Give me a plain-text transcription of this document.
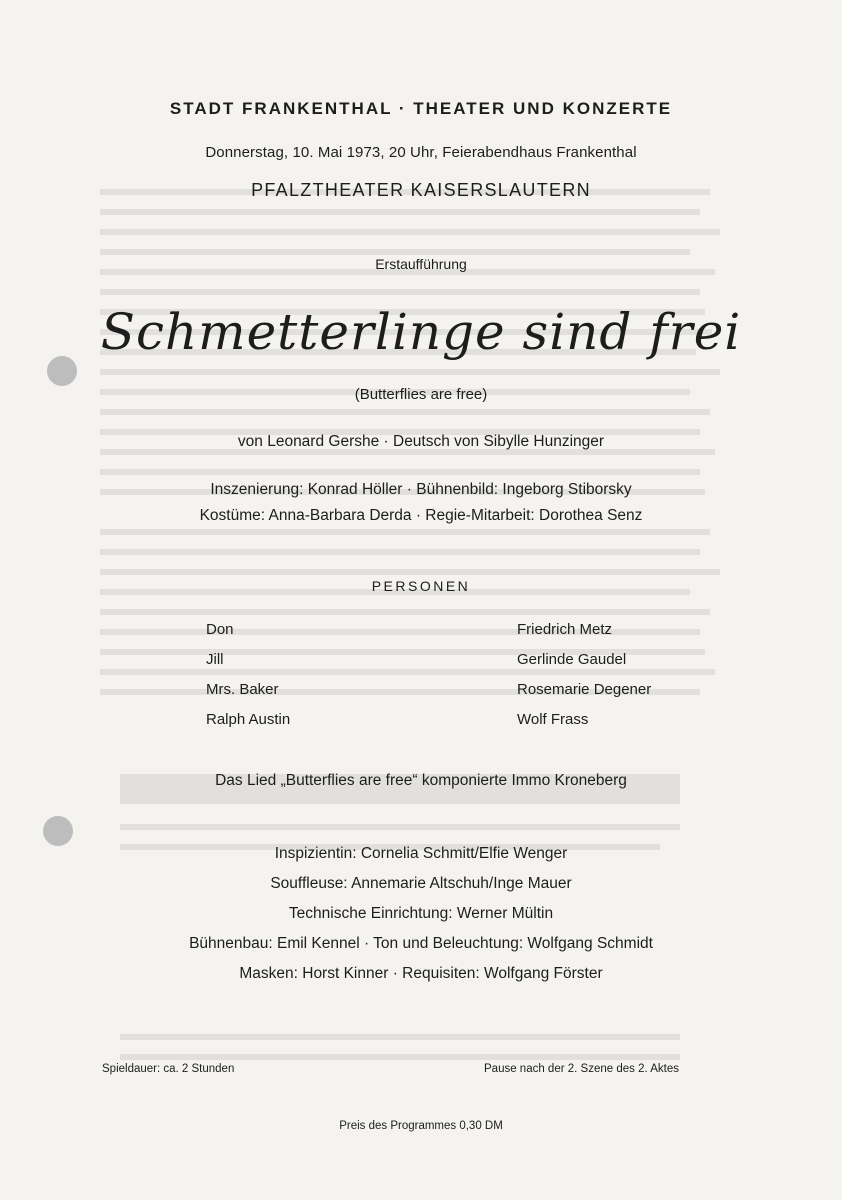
STADT FRANKENTHAL · THEATER UND KONZERTE
Donnerstag, 10. Mai 1973, 20 Uhr, Feierabendhaus Frankenthal
PFALZTHEATER KAISERSLAUTERN
Erstaufführung
Schmetterlinge sind frei
(Butterflies are free)
von Leonard Gershe · Deutsch von Sibylle Hunzinger
Inszenierung: Konrad Höller · Bühnenbild: Ingeborg Stiborsky
Kostüme: Anna-Barbara Derda · Regie-Mitarbeit: Dorothea Senz
PERSONEN
Don	Friedrich Metz
Jill	Gerlinde Gaudel
Mrs. Baker	Rosemarie Degener
Ralph Austin	Wolf Frass
Das Lied „Butterflies are free“ komponierte Immo Kroneberg
Inspizientin: Cornelia Schmitt/Elfie Wenger
Souffleuse: Annemarie Altschuh/Inge Mauer
Technische Einrichtung: Werner Mültin
Bühnenbau: Emil Kennel · Ton und Beleuchtung: Wolfgang Schmidt
Masken: Horst Kinner · Requisiten: Wolfgang Förster
Spieldauer: ca. 2 Stunden	Pause nach der 2. Szene des 2. Aktes
Preis des Programmes 0,30 DM
